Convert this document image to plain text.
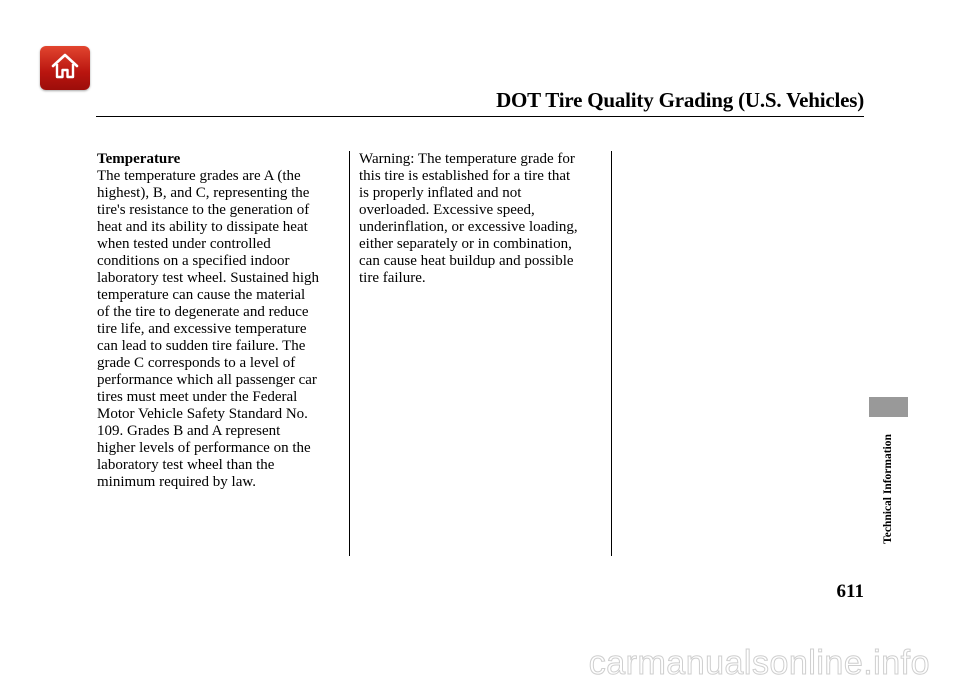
DOT Tire Quality Grading (U.S. Vehicles)
Temperature
The temperature grades are A (the
highest), B, and C, representing the
tire's resistance to the generation of
heat and its ability to dissipate heat
when tested under controlled
conditions on a specified indoor
laboratory test wheel. Sustained high
temperature can cause the material
of the tire to degenerate and reduce
tire life, and excessive temperature
can lead to sudden tire failure. The
grade C corresponds to a level of
performance which all passenger car
tires must meet under the Federal
Motor Vehicle Safety Standard No.
109. Grades B and A represent
higher levels of performance on the
laboratory test wheel than the
minimum required by law.
Warning: The temperature grade for
this tire is established for a tire that
is properly inflated and not
overloaded. Excessive speed,
underinflation, or excessive loading,
either separately or in combination,
can cause heat buildup and possible
tire failure.
Technical Information
611
carmanualsonline.info
